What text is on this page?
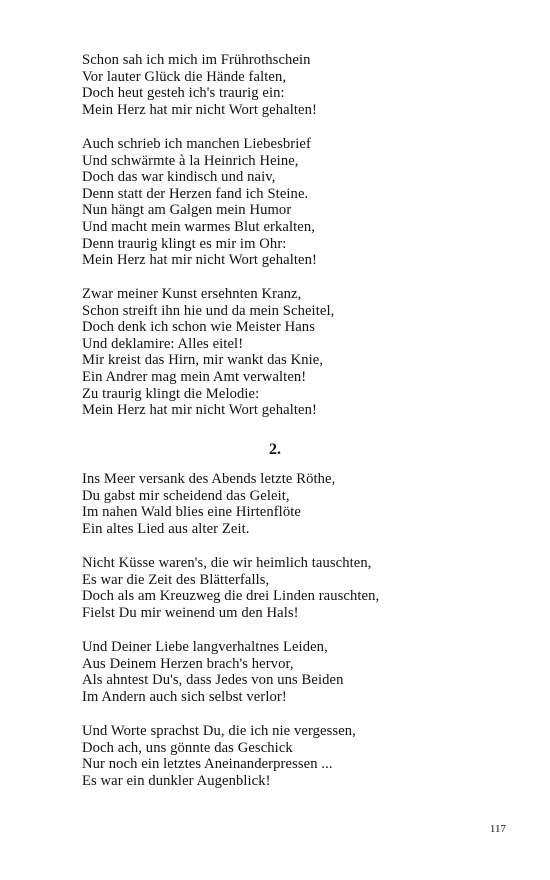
Schon sah ich mich im Frührothschein
Vor lauter Glück die Hände falten,
Doch heut gesteh ich's traurig ein:
Mein Herz hat mir nicht Wort gehalten!
Auch schrieb ich manchen Liebesbrief
Und schwärmte à la Heinrich Heine,
Doch das war kindisch und naiv,
Denn statt der Herzen fand ich Steine.
Nun hängt am Galgen mein Humor
Und macht mein warmes Blut erkalten,
Denn traurig klingt es mir im Ohr:
Mein Herz hat mir nicht Wort gehalten!
Zwar meiner Kunst ersehnten Kranz,
Schon streift ihn hie und da mein Scheitel,
Doch denk ich schon wie Meister Hans
Und deklamire: Alles eitel!
Mir kreist das Hirn, mir wankt das Knie,
Ein Andrer mag mein Amt verwalten!
Zu traurig klingt die Melodie:
Mein Herz hat mir nicht Wort gehalten!
2.
Ins Meer versank des Abends letzte Röthe,
Du gabst mir scheidend das Geleit,
Im nahen Wald blies eine Hirtenflöte
Ein altes Lied aus alter Zeit.
Nicht Küsse waren's, die wir heimlich tauschten,
Es war die Zeit des Blätterfalls,
Doch als am Kreuzweg die drei Linden rauschten,
Fielst Du mir weinend um den Hals!
Und Deiner Liebe langverhaltnes Leiden,
Aus Deinem Herzen brach's hervor,
Als ahntest Du's, dass Jedes von uns Beiden
Im Andern auch sich selbst verlor!
Und Worte sprachst Du, die ich nie vergessen,
Doch ach, uns gönnte das Geschick
Nur noch ein letztes Aneinanderpressen ...
Es war ein dunkler Augenblick!
117
